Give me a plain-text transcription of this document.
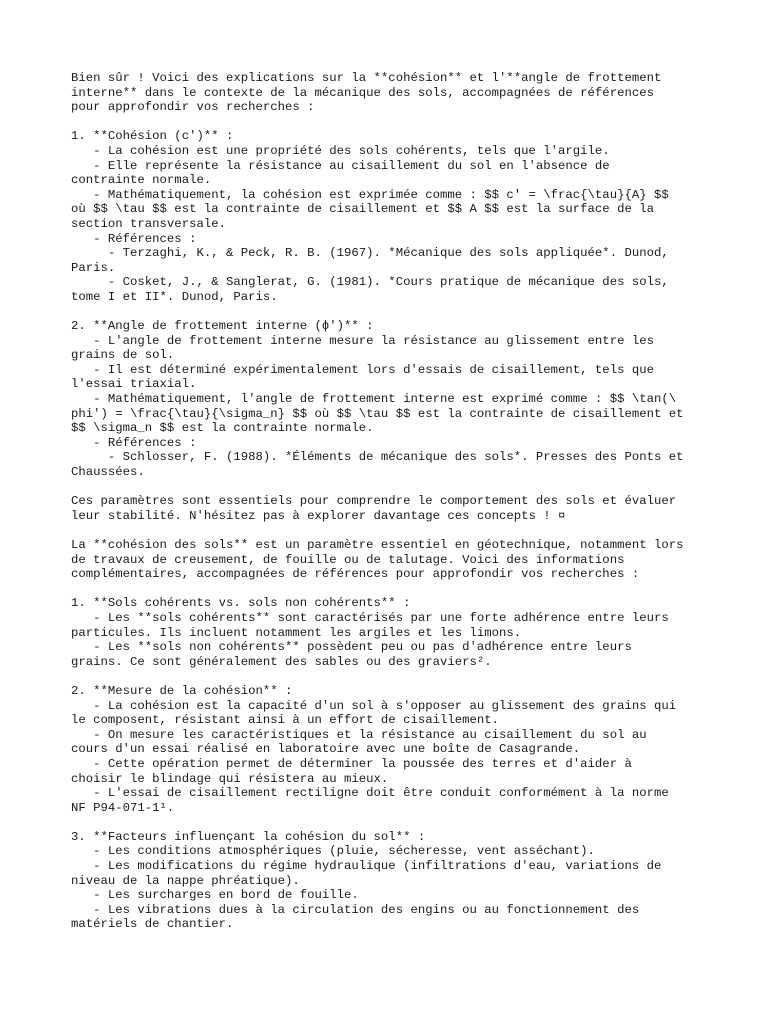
Bien sûr ! Voici des explications sur la **cohésion** et l'**angle de frottement
interne** dans le contexte de la mécanique des sols, accompagnées de références
pour approfondir vos recherches :
1. **Cohésion (c')** :
- La cohésion est une propriété des sols cohérents, tels que l'argile.
- Elle représente la résistance au cisaillement du sol en l'absence de
contrainte normale.
- Mathématiquement, la cohésion est exprimée comme : $$ c' = \frac{\tau}{A} $$
où $$ \tau $$ est la contrainte de cisaillement et $$ A $$ est la surface de la
section transversale.
- Références :
- Terzaghi, K., & Peck, R. B. (1967). *Mécanique des sols appliquée*. Dunod,
Paris.
- Cosket, J., & Sanglerat, G. (1981). *Cours pratique de mécanique des sols,
tome I et II*. Dunod, Paris.
2. **Angle de frottement interne (ϕ')** :
- L'angle de frottement interne mesure la résistance au glissement entre les
grains de sol.
- Il est déterminé expérimentalement lors d'essais de cisaillement, tels que
l'essai triaxial.
- Mathématiquement, l'angle de frottement interne est exprimé comme : $$ \tan(\
phi') = \frac{\tau}{\sigma_n} $$ où $$ \tau $$ est la contrainte de cisaillement et
$$ \sigma_n $$ est la contrainte normale.
- Références :
- Schlosser, F. (1988). *Éléments de mécanique des sols*. Presses des Ponts et
Chaussées.
Ces paramètres sont essentiels pour comprendre le comportement des sols et évaluer
leur stabilité. N'hésitez pas à explorer davantage ces concepts ! ¤
La **cohésion des sols** est un paramètre essentiel en géotechnique, notamment lors
de travaux de creusement, de fouille ou de talutage. Voici des informations
complémentaires, accompagnées de références pour approfondir vos recherches :
1. **Sols cohérents vs. sols non cohérents** :
- Les **sols cohérents** sont caractérisés par une forte adhérence entre leurs
particules. Ils incluent notamment les argiles et les limons.
- Les **sols non cohérents** possèdent peu ou pas d'adhérence entre leurs
grains. Ce sont généralement des sables ou des graviers².
2. **Mesure de la cohésion** :
- La cohésion est la capacité d'un sol à s'opposer au glissement des grains qui
le composent, résistant ainsi à un effort de cisaillement.
- On mesure les caractéristiques et la résistance au cisaillement du sol au
cours d'un essai réalisé en laboratoire avec une boîte de Casagrande.
- Cette opération permet de déterminer la poussée des terres et d'aider à
choisir le blindage qui résistera au mieux.
- L'essai de cisaillement rectiligne doit être conduit conformément à la norme
NF P94-071-1¹.
3. **Facteurs influençant la cohésion du sol** :
- Les conditions atmosphériques (pluie, sécheresse, vent asséchant).
- Les modifications du régime hydraulique (infiltrations d'eau, variations de
niveau de la nappe phréatique).
- Les surcharges en bord de fouille.
- Les vibrations dues à la circulation des engins ou au fonctionnement des
matériels de chantier.
